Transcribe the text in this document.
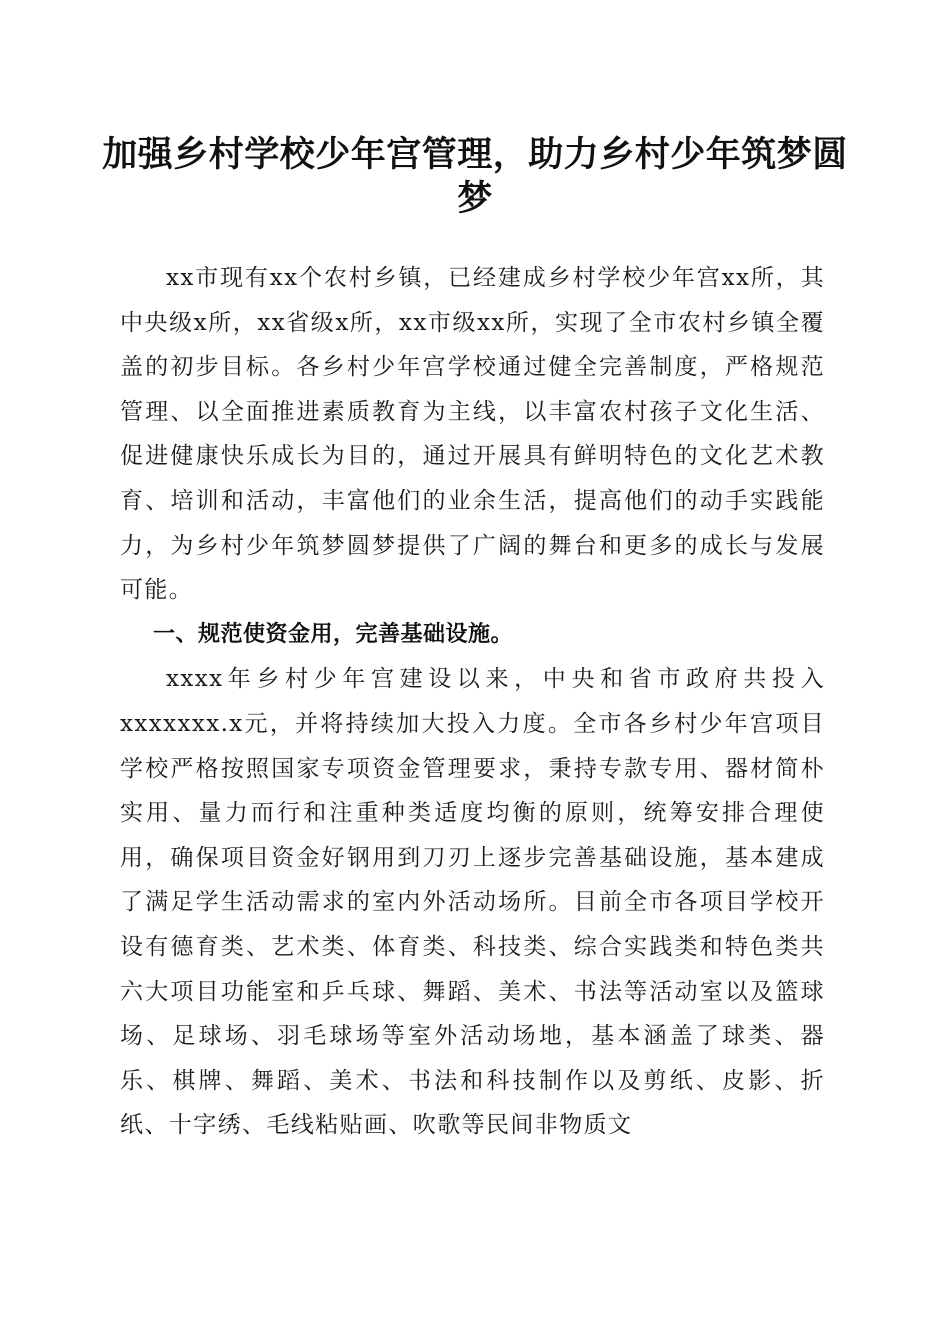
加强乡村学校少年宫管理，助力乡村少年筑梦圆梦

xx市现有xx个农村乡镇，已经建成乡村学校少年宫xx所，其中央级x所，xx省级x所，xx市级xx所，实现了全市农村乡镇全覆盖的初步目标。各乡村少年宫学校通过健全完善制度，严格规范管理、以全面推进素质教育为主线，以丰富农村孩子文化生活、促进健康快乐成长为目的，通过开展具有鲜明特色的文化艺术教育、培训和活动，丰富他们的业余生活，提高他们的动手实践能力，为乡村少年筑梦圆梦提供了广阔的舞台和更多的成长与发展可能。

一、规范使资金用，完善基础设施。

xxxx年乡村少年宫建设以来，中央和省市政府共投入xxxxxxx.x元，并将持续加大投入力度。全市各乡村少年宫项目学校严格按照国家专项资金管理要求，秉持专款专用、器材简朴实用、量力而行和注重种类适度均衡的原则，统筹安排合理使用，确保项目资金好钢用到刀刃上逐步完善基础设施，基本建成了满足学生活动需求的室内外活动场所。目前全市各项目学校开设有德育类、艺术类、体育类、科技类、综合实践类和特色类共六大项目功能室和乒乓球、舞蹈、美术、书法等活动室以及篮球场、足球场、羽毛球场等室外活动场地，基本涵盖了球类、器乐、棋牌、舞蹈、美术、书法和科技制作以及剪纸、皮影、折纸、十字绣、毛线粘贴画、吹歌等民间非物质文
